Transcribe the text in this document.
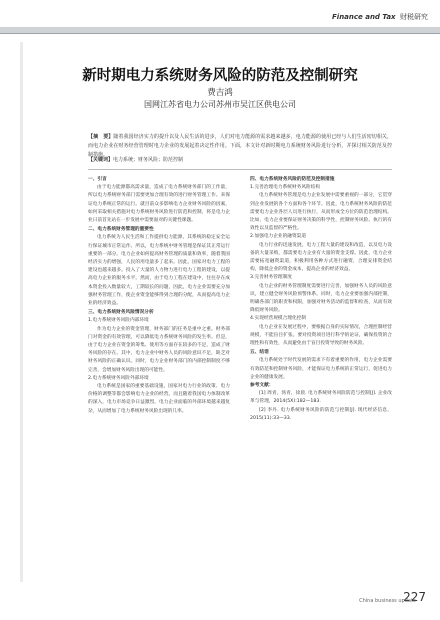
Finance and Tax 财税研究
新时期电力系统财务风险的防范及控制研究
费吉鸿
国网江苏省电力公司苏州市吴江区供电公司
【摘　要】随着我国经济实力的提升以及人民生活的进步，人们对电力能源的需求越来越多，电力能源的使用已经与人们生活密切相关，而电力企业在财务经营管理时电力企业的发展起着决定性作用。下面，本文针对新时期电力系统财务风险进行分析，并探讨相关防范及控制措施。
【关键词】电力系统；财务风险；防范控制

一、引言

由于电力能源都高需求量，造成了电力系统财务部门的工作量，所以电力系统财务部门需要更加合理有效的进行财务管理工作。来保证电力系统正常的运行。就目前众多影响电力企业财务风险的因素，如何采取相关措施对电力系统财务风险进行防范和控制，将是电力企业日前首先站在一步发展中需要面对的关键性课题。

二、电力系统财务管理的重要性

电力系统为人民生活和工作提供电力能源，其系统的稳定安全运行保证城市正常运作。所以，电力系统中财务管理是保证其正常运行重要的一部分。电力企业如何提高财务管理的质量和效率，随着我国经济实力的增强，人民的用电量多了起来。因此，国家对电力工程的建设也越来越多。投入了大量的人力物力进行电力工程的建设，以提高电力企业的服务水平。然而，由于电力工程在建设中，往往存在成本资金投入数量较大，工期较长的问题，因此，电力企业需要充分加强财务管理工作，使企业资金能够得到合理的分配，从而提高电力企业的经济效益。

三、电力系统财务风险情况分析

1.电力系统财务风险内部环境

作为电力企业的资金管理，财务部门的任务是重中之重。财务部门对资金的有效管理，可以降低电力系统财务风险的发生率。但是，由于电力企业在资金的筹集、使用等方面存在较多的不足，造成了财务风险的存在。其中，电力企业中财务人员的风险意识不足，缺乏对财务风险的正确认识。同时，电力企业财务部门的内部控制制度不够完善，会增加财务风险出现的可能性。

2.电力系统财务风险外部环境

电力系统是国家的重要基础设施，国家对电力行业的政策、电力价格的调整等都会影响电力企业的经营。而且随着我国电力体制改革的深入，电力市场竞争日益激烈，电力企业面临的外部环境越来越复杂，从而增加了电力系统财务风险出现的几率。

四、电力系统财务风险的防范及控制措施

1.完善治理电力系统财务风险结构

电力系统财务管理是电力企业发展中需要重视的一部分，它贯穿到企业发展的各个方面和各个环节。因此，电力系统财务风险的防范需要电力企业各层人员进行执行，从而形成全方位的防范治理结构。比如，电力企业要保证财务决策的科学性，控制财务风险。执行的有效性以及监督的严格性。

2.加强电力企业的融资渠道

电力行业的迅速发展，电力工程大量的建设和改造，以及电力设备的大量采购，都需要电力企业有大量的资金支撑。因此，电力企业需要拓宽融资渠道，积极利用各种方式进行融资，合理安排资金结构，降低企业的资金成本，提高企业的经济效益。

3.完善财务管理制度

电力企业的财务管理制度需要进行完善，加强财务人员的风险意识，建立健全财务风险预警体系。同时，电力企业要加强内部控制，明确各部门的职责和权限，加强对财务活动的监督和检查，从而有效降低财务风险。

4.实现经营规模合理化控制

电力企业在发展过程中，要根据自身的实际情况，合理控制经营规模，不能盲目扩张。要对投资项目进行科学的论证，确保投资的合理性和有效性，从而避免由于盲目投资导致的财务风险。

五、结语

电力系统处于时代发展的需求下有着重要的作用，电力企业需要有效防范和控制财务风险，才能保证电力系统的正常运行，促进电力企业的健康发展。

参考文献：

[1] 周青，汤青，徐晨. 电力系统财务风险防范与控制[J]. 企业改革与管理，2014(5X):182—183.

[2] 李丹. 电力系统财务风险的防范与控制[J]. 现代经济信息，2015(11):33—33.

227
China business update
